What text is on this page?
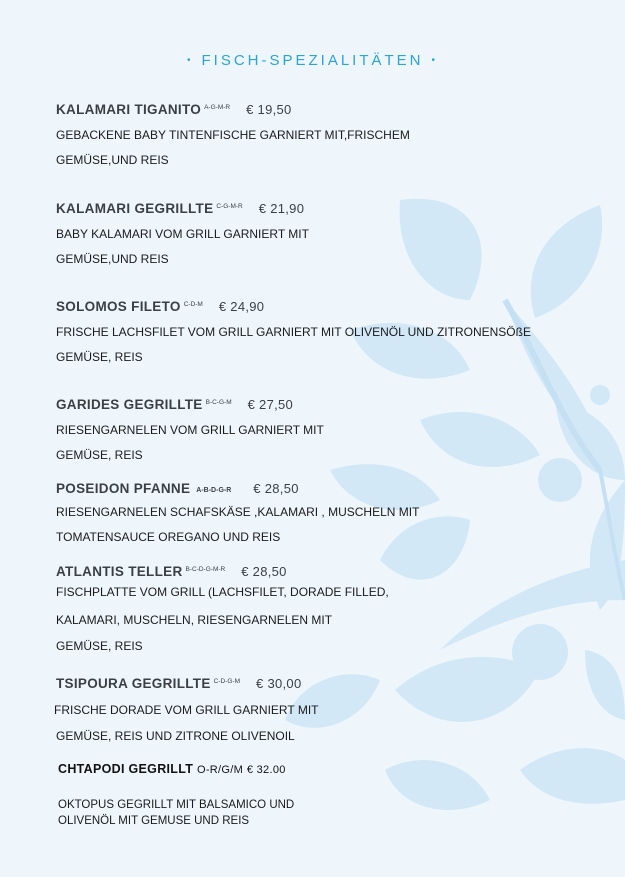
• FISCH-SPEZIALITÄTEN •
KALAMARI TIGANITO $^{A-G-M-R}$ € 19,50
GEBACKENE BABY TINTENFISCHE GARNIERT MIT,FRISCHEM
GEMÜSE,UND REIS
KALAMARI GEGRILLTE $^{C-G-M-R}$ € 21,90
BABY KALAMARI VOM GRILL GARNIERT MIT
GEMÜSE,UND REIS
SOLOMOS FILETO $^{C-D-M}$ € 24,90
FRISCHE LACHSFILET VOM GRILL GARNIERT MIT OLIVENÖL UND ZITRONENSÖßE
GEMÜSE, REIS
GARIDES GEGRILLTE $^{B-C-G-M}$ € 27,50
RIESENGARNELEN VOM GRILL GARNIERT MIT
GEMÜSE, REIS
POSEIDON PFANNE A-B-D-G-R € 28,50
RIESENGARNELEN SCHAFSKÄSE ,KALAMARI , MUSCHELN MIT
TOMATENSAUCE OREGANO UND REIS
ATLANTIS TELLER $^{B-C-D-G-M-R}$ € 28,50
FISCHPLATTE VOM GRILL (LACHSFILET, DORADE FILLED,
KALAMARI, MUSCHELN, RIESENGARNELEN MIT
GEMÜSE, REIS
TSIPOURA GEGRILLTE $^{C-D-G-M}$ € 30,00
FRISCHE DORADE VOM GRILL GARNIERT MIT
GEMÜSE, REIS UND ZITRONE OLIVENOIL
CHTAPODI GEGRILLT O-R/G/M € 32.00
OKTOPUS GEGRILLT MIT BALSAMICO UND
OLIVENÖL MIT GEMUSE UND REIS
